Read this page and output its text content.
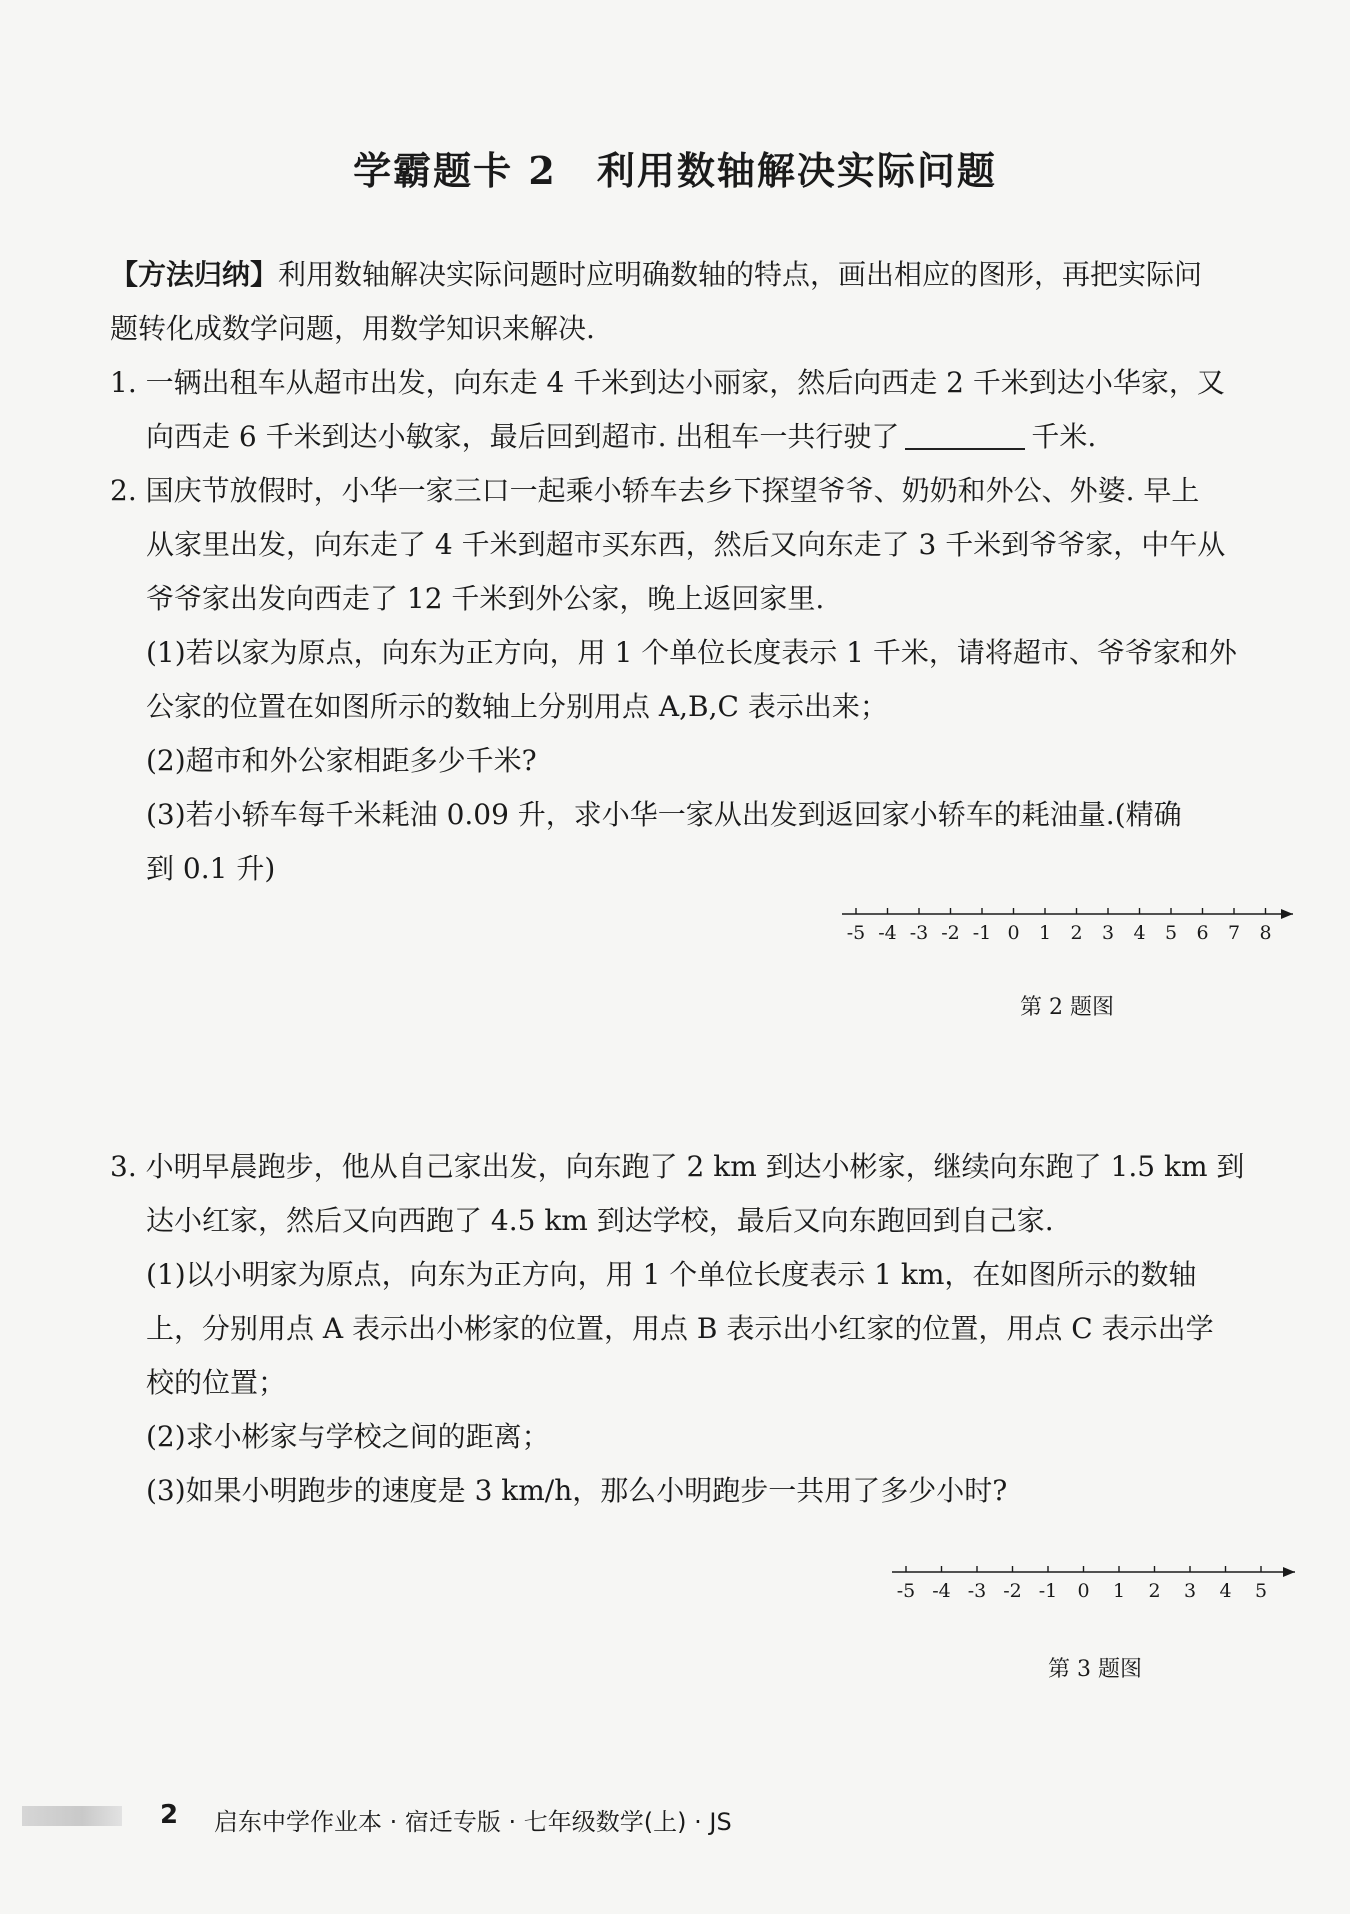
学霸题卡 2　利用数轴解决实际问题
【方法归纳】利用数轴解决实际问题时应明确数轴的特点，画出相应的图形，再把实际问
题转化成数学问题，用数学知识来解决.
1. 一辆出租车从超市出发，向东走 4 千米到达小丽家，然后向西走 2 千米到达小华家，又
向西走 6 千米到达小敏家，最后回到超市. 出租车一共行驶了	千米.
2. 国庆节放假时，小华一家三口一起乘小轿车去乡下探望爷爷、奶奶和外公、外婆. 早上
从家里出发，向东走了 4 千米到超市买东西，然后又向东走了 3 千米到爷爷家，中午从
爷爷家出发向西走了 12 千米到外公家，晚上返回家里.
(1)若以家为原点，向东为正方向，用 1 个单位长度表示 1 千米，请将超市、爷爷家和外
公家的位置在如图所示的数轴上分别用点 A,B,C 表示出来；
(2)超市和外公家相距多少千米?
(3)若小轿车每千米耗油 0.09 升，求小华一家从出发到返回家小轿车的耗油量.(精确
到 0.1 升)
-5 -4 -3 -2 -1 0 1 2 3 4 5 6 7 8
第 2 题图
3. 小明早晨跑步，他从自己家出发，向东跑了 2 km 到达小彬家，继续向东跑了 1.5 km 到
达小红家，然后又向西跑了 4.5 km 到达学校，最后又向东跑回到自己家.
(1)以小明家为原点，向东为正方向，用 1 个单位长度表示 1 km，在如图所示的数轴
上，分别用点 A 表示出小彬家的位置，用点 B 表示出小红家的位置，用点 C 表示出学
校的位置；
(2)求小彬家与学校之间的距离；
(3)如果小明跑步的速度是 3 km/h，那么小明跑步一共用了多少小时?
-5 -4 -3 -2 -1 0 1 2 3 4 5
第 3 题图
2 启东中学作业本 · 宿迁专版 · 七年级数学(上) · JS
